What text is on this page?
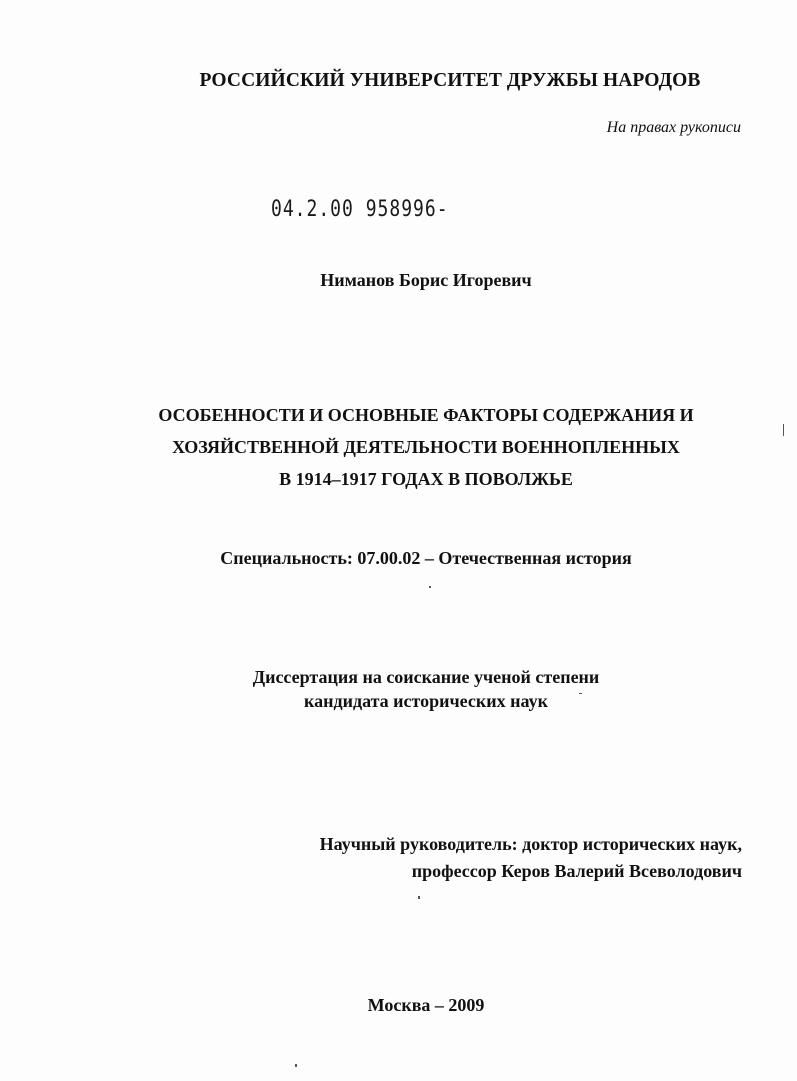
РОССИЙСКИЙ УНИВЕРСИТЕТ ДРУЖБЫ НАРОДОВ
На правах рукописи
04.2.00 958996-
Ниманов Борис Игоревич
ОСОБЕННОСТИ И ОСНОВНЫЕ ФАКТОРЫ СОДЕРЖАНИЯ И
ХОЗЯЙСТВЕННОЙ ДЕЯТЕЛЬНОСТИ ВОЕННОПЛЕННЫХ
В 1914–1917 ГОДАХ В ПОВОЛЖЬЕ
Специальность: 07.00.02 – Отечественная история
Диссертация на соискание ученой степени
кандидата исторических наук
Научный руководитель: доктор исторических наук,
профессор Керов Валерий Всеволодович
Москва – 2009
